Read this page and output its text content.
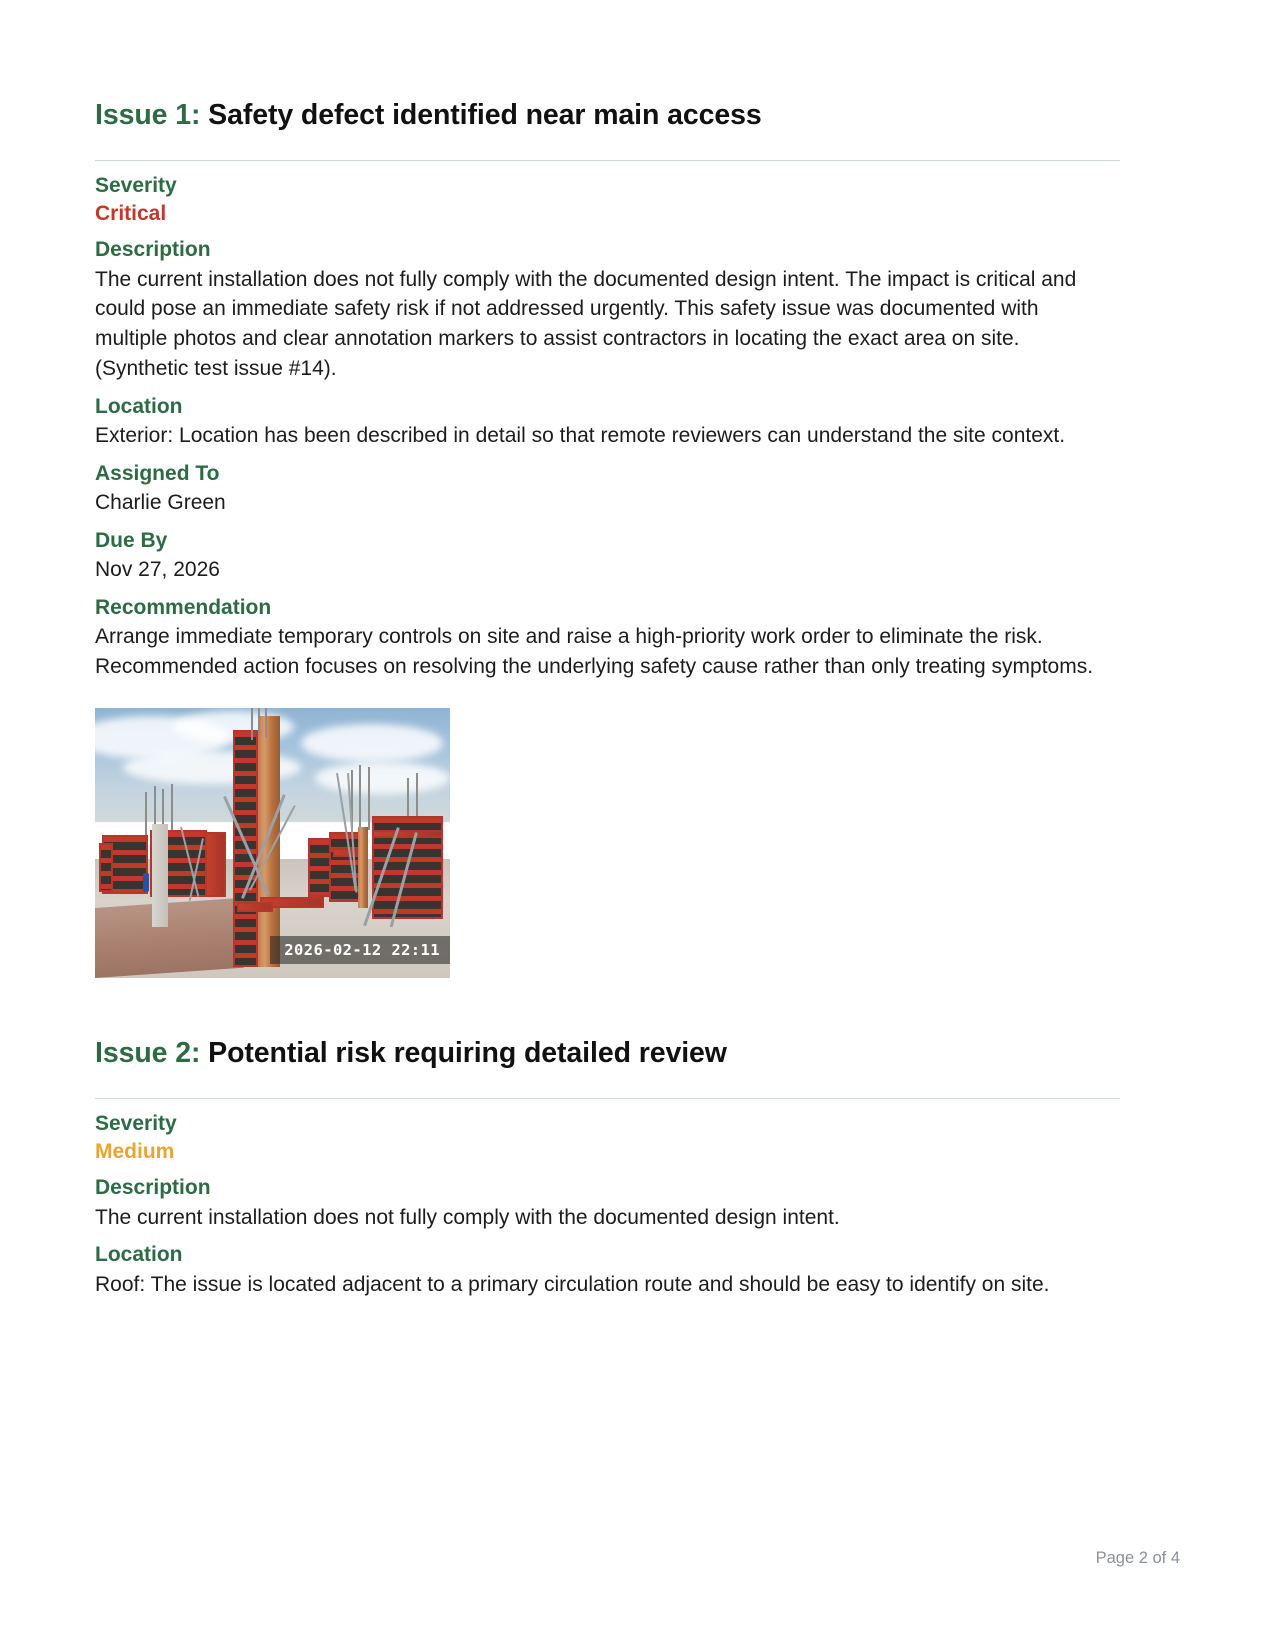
Issue 1: Safety defect identified near main access
Severity
Critical
Description

The current installation does not fully comply with the documented design intent. The impact is critical and could pose an immediate safety risk if not addressed urgently. This safety issue was documented with multiple photos and clear annotation markers to assist contractors in locating the exact area on site. (Synthetic test issue #14).

Location

Exterior: Location has been described in detail so that remote reviewers can understand the site context.

Assigned To

Charlie Green

Due By

Nov 27, 2026

Recommendation

Arrange immediate temporary controls on site and raise a high-priority work order to eliminate the risk. Recommended action focuses on resolving the underlying safety cause rather than only treating symptoms.

2026-02-12 22:11
Issue 2: Potential risk requiring detailed review
Severity
Medium
Description

The current installation does not fully comply with the documented design intent.

Location

Roof: The issue is located adjacent to a primary circulation route and should be easy to identify on site.

Page 2 of 4
